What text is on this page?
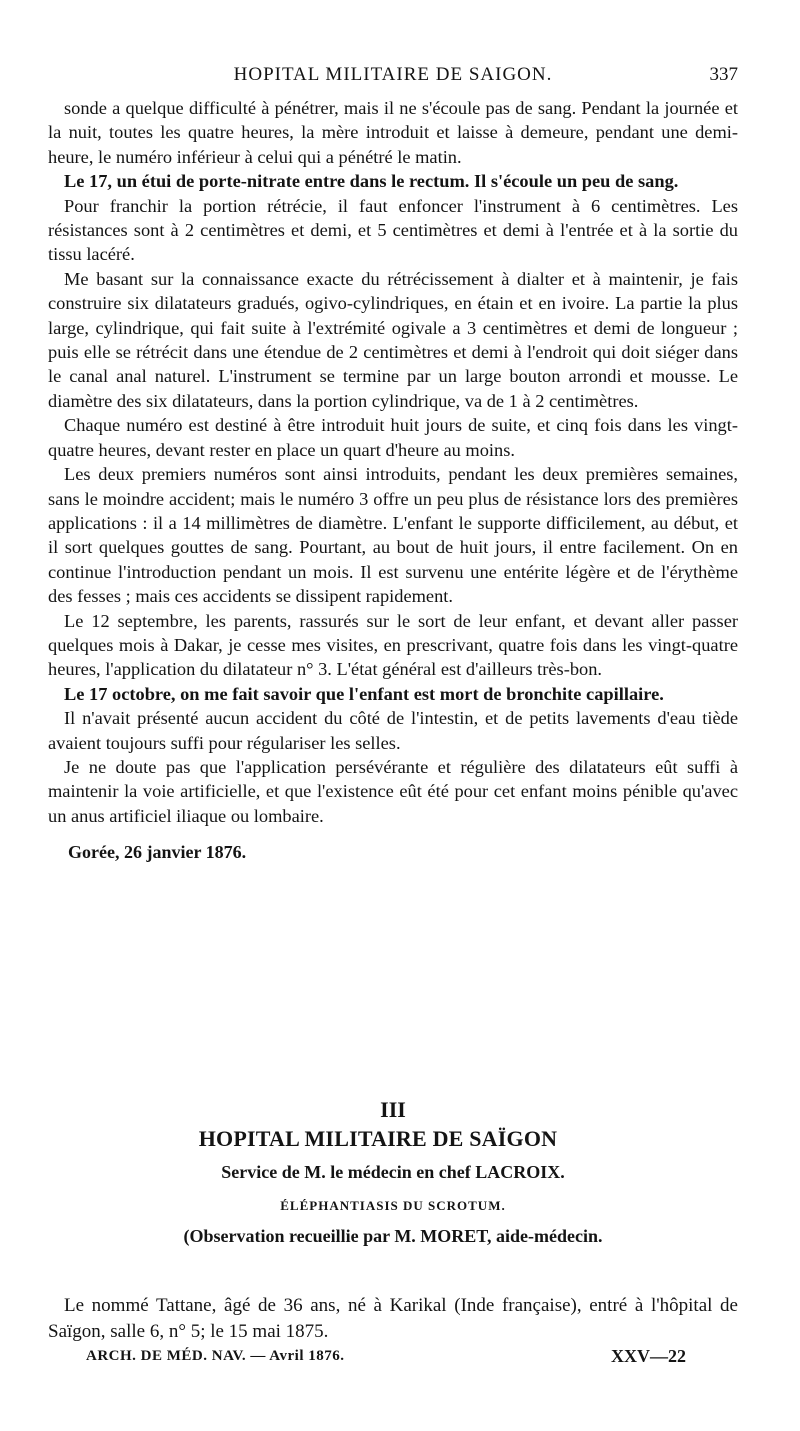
HOPITAL MILITAIRE DE SAIGON.	337

sonde a quelque difficulté à pénétrer, mais il ne s'écoule pas de sang. Pendant la journée et la nuit, toutes les quatre heures, la mère introduit et laisse à demeure, pendant une demi-heure, le numéro inférieur à celui qui a pénétré le matin.

Le 17, un étui de porte-nitrate entre dans le rectum. Il s'écoule un peu de sang.

Pour franchir la portion rétrécie, il faut enfoncer l'instrument à 6 centimètres. Les résistances sont à 2 centimètres et demi, et 5 centimètres et demi à l'entrée et à la sortie du tissu lacéré.

Me basant sur la connaissance exacte du rétrécissement à dialter et à maintenir, je fais construire six dilatateurs gradués, ogivo-cylindriques, en étain et en ivoire. La partie la plus large, cylindrique, qui fait suite à l'extrémité ogivale a 3 centimètres et demi de longueur ; puis elle se rétrécit dans une étendue de 2 centimètres et demi à l'endroit qui doit siéger dans le canal anal naturel. L'instrument se termine par un large bouton arrondi et mousse. Le diamètre des six dilatateurs, dans la portion cylindrique, va de 1 à 2 centimètres.

Chaque numéro est destiné à être introduit huit jours de suite, et cinq fois dans les vingt-quatre heures, devant rester en place un quart d'heure au moins.

Les deux premiers numéros sont ainsi introduits, pendant les deux premières semaines, sans le moindre accident; mais le numéro 3 offre un peu plus de résistance lors des premières applications : il a 14 millimètres de diamètre. L'enfant le supporte difficilement, au début, et il sort quelques gouttes de sang. Pourtant, au bout de huit jours, il entre facilement. On en continue l'introduction pendant un mois. Il est survenu une entérite légère et de l'érythème des fesses ; mais ces accidents se dissipent rapidement.

Le 12 septembre, les parents, rassurés sur le sort de leur enfant, et devant aller passer quelques mois à Dakar, je cesse mes visites, en prescrivant, quatre fois dans les vingt-quatre heures, l'application du dilatateur n° 3. L'état général est d'ailleurs très-bon.

Le 17 octobre, on me fait savoir que l'enfant est mort de bronchite capillaire.

Il n'avait présenté aucun accident du côté de l'intestin, et de petits lavements d'eau tiède avaient toujours suffi pour régulariser les selles.

Je ne doute pas que l'application persévérante et régulière des dilatateurs eût suffi à maintenir la voie artificielle, et que l'existence eût été pour cet enfant moins pénible qu'avec un anus artificiel iliaque ou lombaire.

Gorée, 26 janvier 1876.
III
HOPITAL MILITAIRE DE SAÏGON
Service de M. le médecin en chef LACROIX.
ÉLÉPHANTIASIS DU SCROTUM.
(Observation recueillie par M. MORET, aide-médecin.

Le nommé Tattane, âgé de 36 ans, né à Karikal (Inde française), entré à l'hôpital de Saïgon, salle 6, n° 5; le 15 mai 1875.

ARCH. DE MÉD. NAV. — Avril 1876.	XXV—22
